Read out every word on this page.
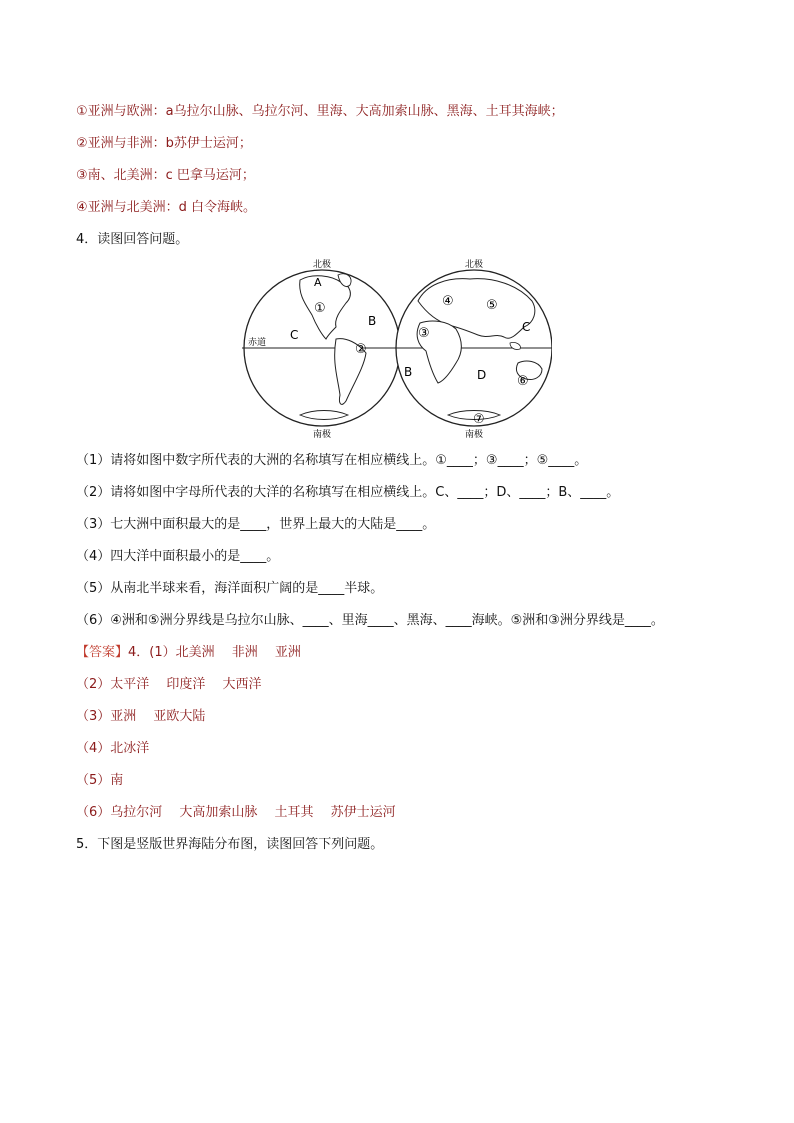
①亚洲与欧洲：a乌拉尔山脉、乌拉尔河、里海、大高加索山脉、黑海、土耳其海峡；
②亚洲与非洲：b苏伊士运河；
③南、北美洲：c 巴拿马运河；
④亚洲与北美洲：d 白令海峡。
4．读图回答问题。
北极	北极
南极	南极
赤道
A
B
C
C
B	D
①
②
③
④ ⑤
⑥
⑦
（1）请将如图中数字所代表的大洲的名称填写在相应横线上。①____；③____；⑤____。
（2）请将如图中字母所代表的大洋的名称填写在相应横线上。C、____；D、____；B、____。
（3）七大洲中面积最大的是____，世界上最大的大陆是____。
（4）四大洋中面积最小的是____。
（5）从南北半球来看，海洋面积广阔的是____半球。
（6）④洲和⑤洲分界线是乌拉尔山脉、____、里海____、黑海、____海峡。⑤洲和③洲分界线是____。
【答案】4．(1）北美洲　 非洲　 亚洲
（2）太平洋　 印度洋　 大西洋
（3）亚洲　 亚欧大陆
（4）北冰洋
（5）南
（6）乌拉尔河　 大高加索山脉　 土耳其　 苏伊士运河
5．下图是竖版世界海陆分布图，读图回答下列问题。
